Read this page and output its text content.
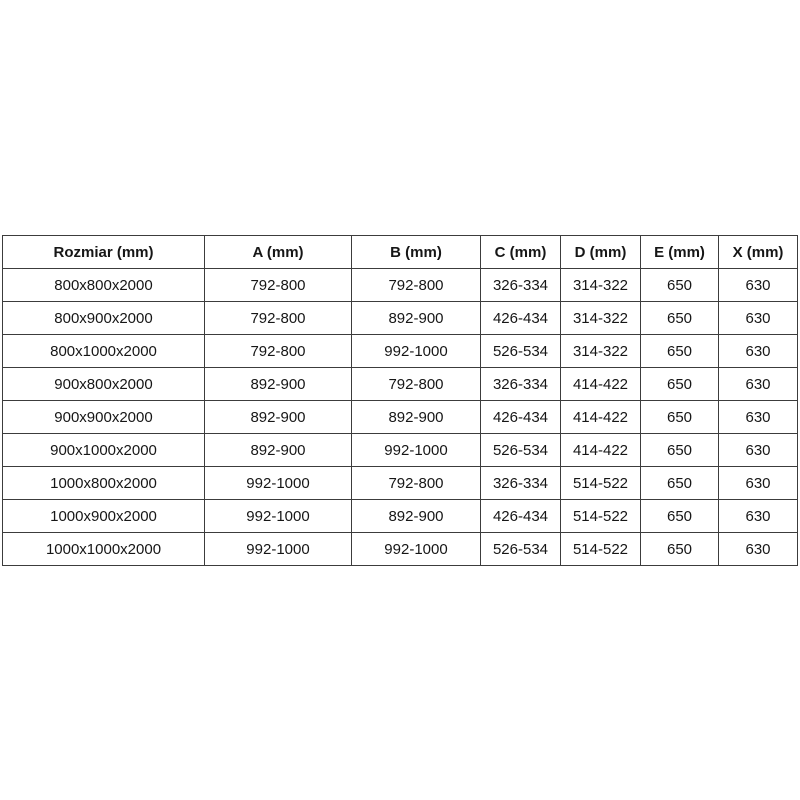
Rozmiar (mm)	A (mm)	B (mm)	C (mm)	D (mm)	E (mm)	X (mm)
800x800x2000	792-800	792-800	326-334	314-322	650	630
800x900x2000	792-800	892-900	426-434	314-322	650	630
800x1000x2000	792-800	992-1000	526-534	314-322	650	630
900x800x2000	892-900	792-800	326-334	414-422	650	630
900x900x2000	892-900	892-900	426-434	414-422	650	630
900x1000x2000	892-900	992-1000	526-534	414-422	650	630
1000x800x2000	992-1000	792-800	326-334	514-522	650	630
1000x900x2000	992-1000	892-900	426-434	514-522	650	630
1000x1000x2000	992-1000	992-1000	526-534	514-522	650	630
